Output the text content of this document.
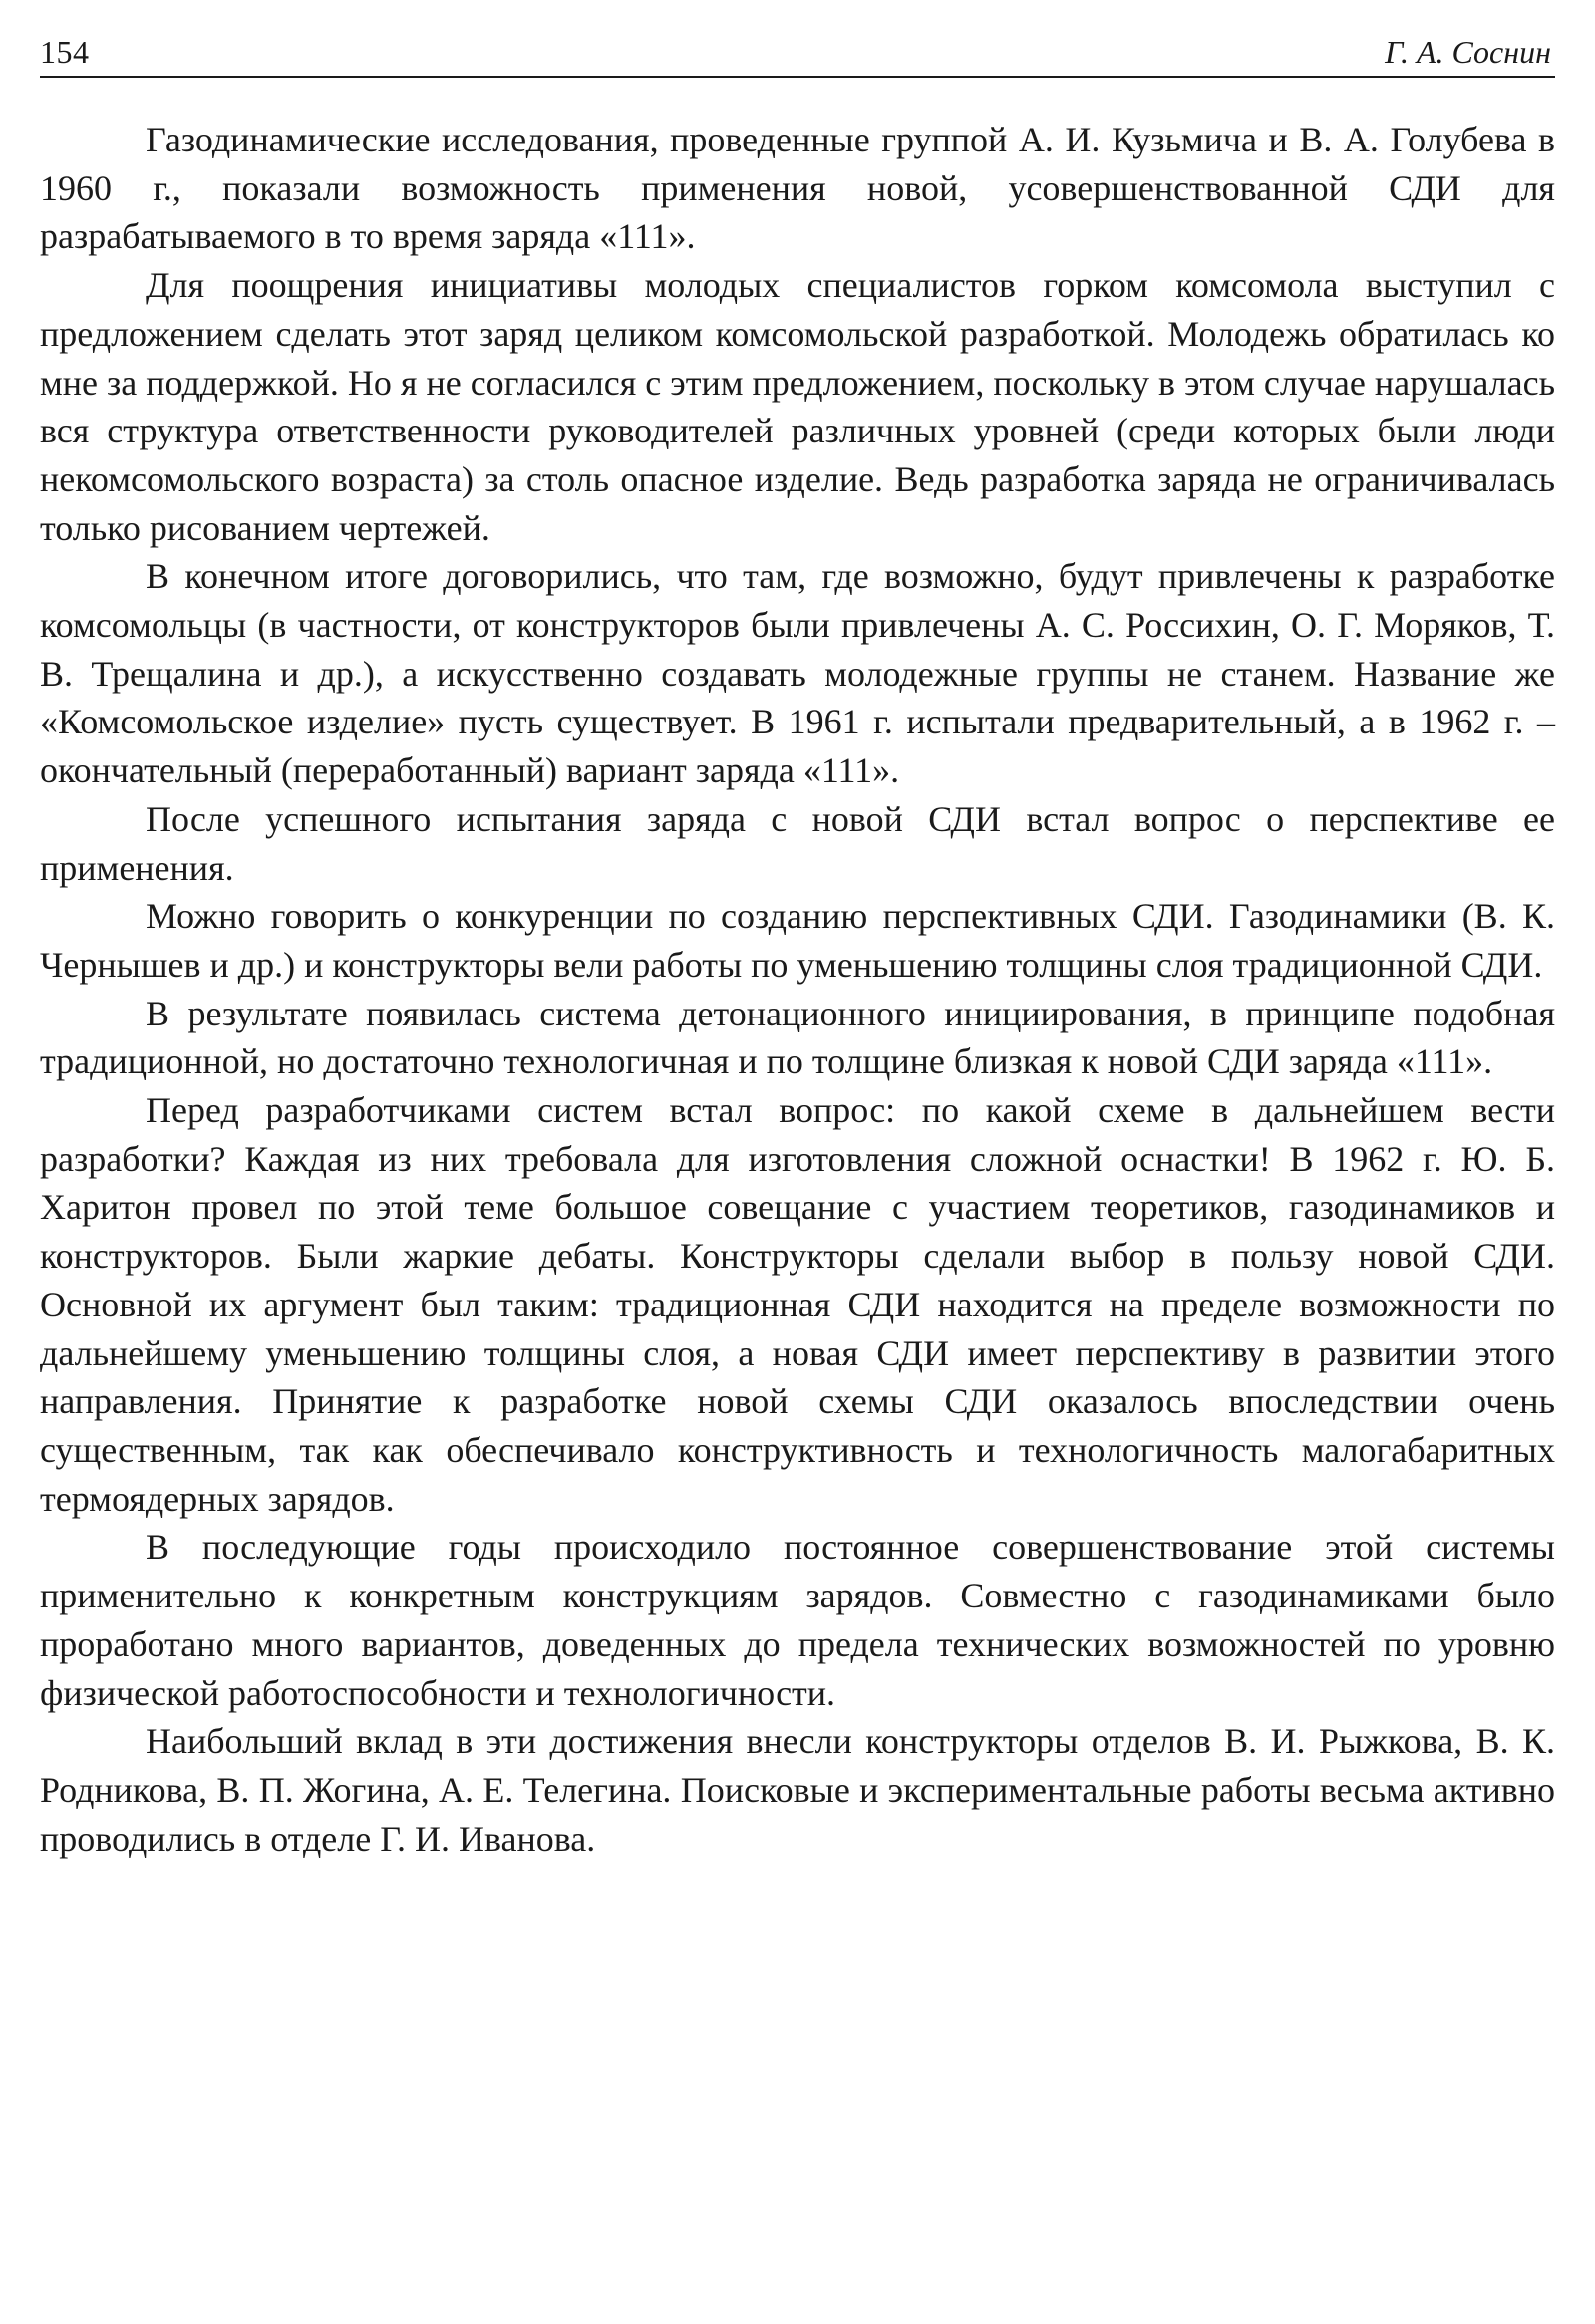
154	Г. А. Соснин

Газодинамические исследования, проведенные группой А. И. Кузьмича и В. А. Голубева в 1960 г., показали возможность применения новой, усовершенствованной СДИ для разрабатываемого в то время заряда «111».

Для поощрения инициативы молодых специалистов горком комсомола выступил с предложением сделать этот заряд целиком комсомольской разработкой. Молодежь обратилась ко мне за поддержкой. Но я не согласился с этим предложением, поскольку в этом случае нарушалась вся структура ответственности руководителей различных уровней (среди которых были люди некомсомольского возраста) за столь опасное изделие. Ведь разработка заряда не ограничивалась только рисованием чертежей.

В конечном итоге договорились, что там, где возможно, будут привлечены к разработке комсомольцы (в частности, от конструкторов были привлечены А. С. Россихин, О. Г. Моряков, Т. В. Трещалина и др.), а искусственно создавать молодежные группы не станем. Название же «Комсомольское изделие» пусть существует. В 1961 г. испытали предварительный, а в 1962 г. – окончательный (переработанный) вариант заряда «111».

После успешного испытания заряда с новой СДИ встал вопрос о перспективе ее применения.

Можно говорить о конкуренции по созданию перспективных СДИ. Газодинамики (В. К. Чернышев и др.) и конструкторы вели работы по уменьшению толщины слоя традиционной СДИ.

В результате появилась система детонационного инициирования, в принципе подобная традиционной, но достаточно технологичная и по толщине близкая к новой СДИ заряда «111».

Перед разработчиками систем встал вопрос: по какой схеме в дальнейшем вести разработки? Каждая из них требовала для изготовления сложной оснастки! В 1962 г. Ю. Б. Харитон провел по этой теме большое совещание с участием теоретиков, газодинамиков и конструкторов. Были жаркие дебаты. Конструкторы сделали выбор в пользу новой СДИ. Основной их аргумент был таким: традиционная СДИ находится на пределе возможности по дальнейшему уменьшению толщины слоя, а новая СДИ имеет перспективу в развитии этого направления. Принятие к разработке новой схемы СДИ оказалось впоследствии очень существенным, так как обеспечивало конструктивность и технологичность малогабаритных термоядерных зарядов.

В последующие годы происходило постоянное совершенствование этой системы применительно к конкретным конструкциям зарядов. Совместно с газодинамиками было проработано много вариантов, доведенных до предела технических возможностей по уровню физической работоспособности и технологичности.

Наибольший вклад в эти достижения внесли конструкторы отделов В. И. Рыжкова, В. К. Родникова, В. П. Жогина, А. Е. Телегина. Поисковые и экспериментальные работы весьма активно проводились в отделе Г. И. Иванова.
